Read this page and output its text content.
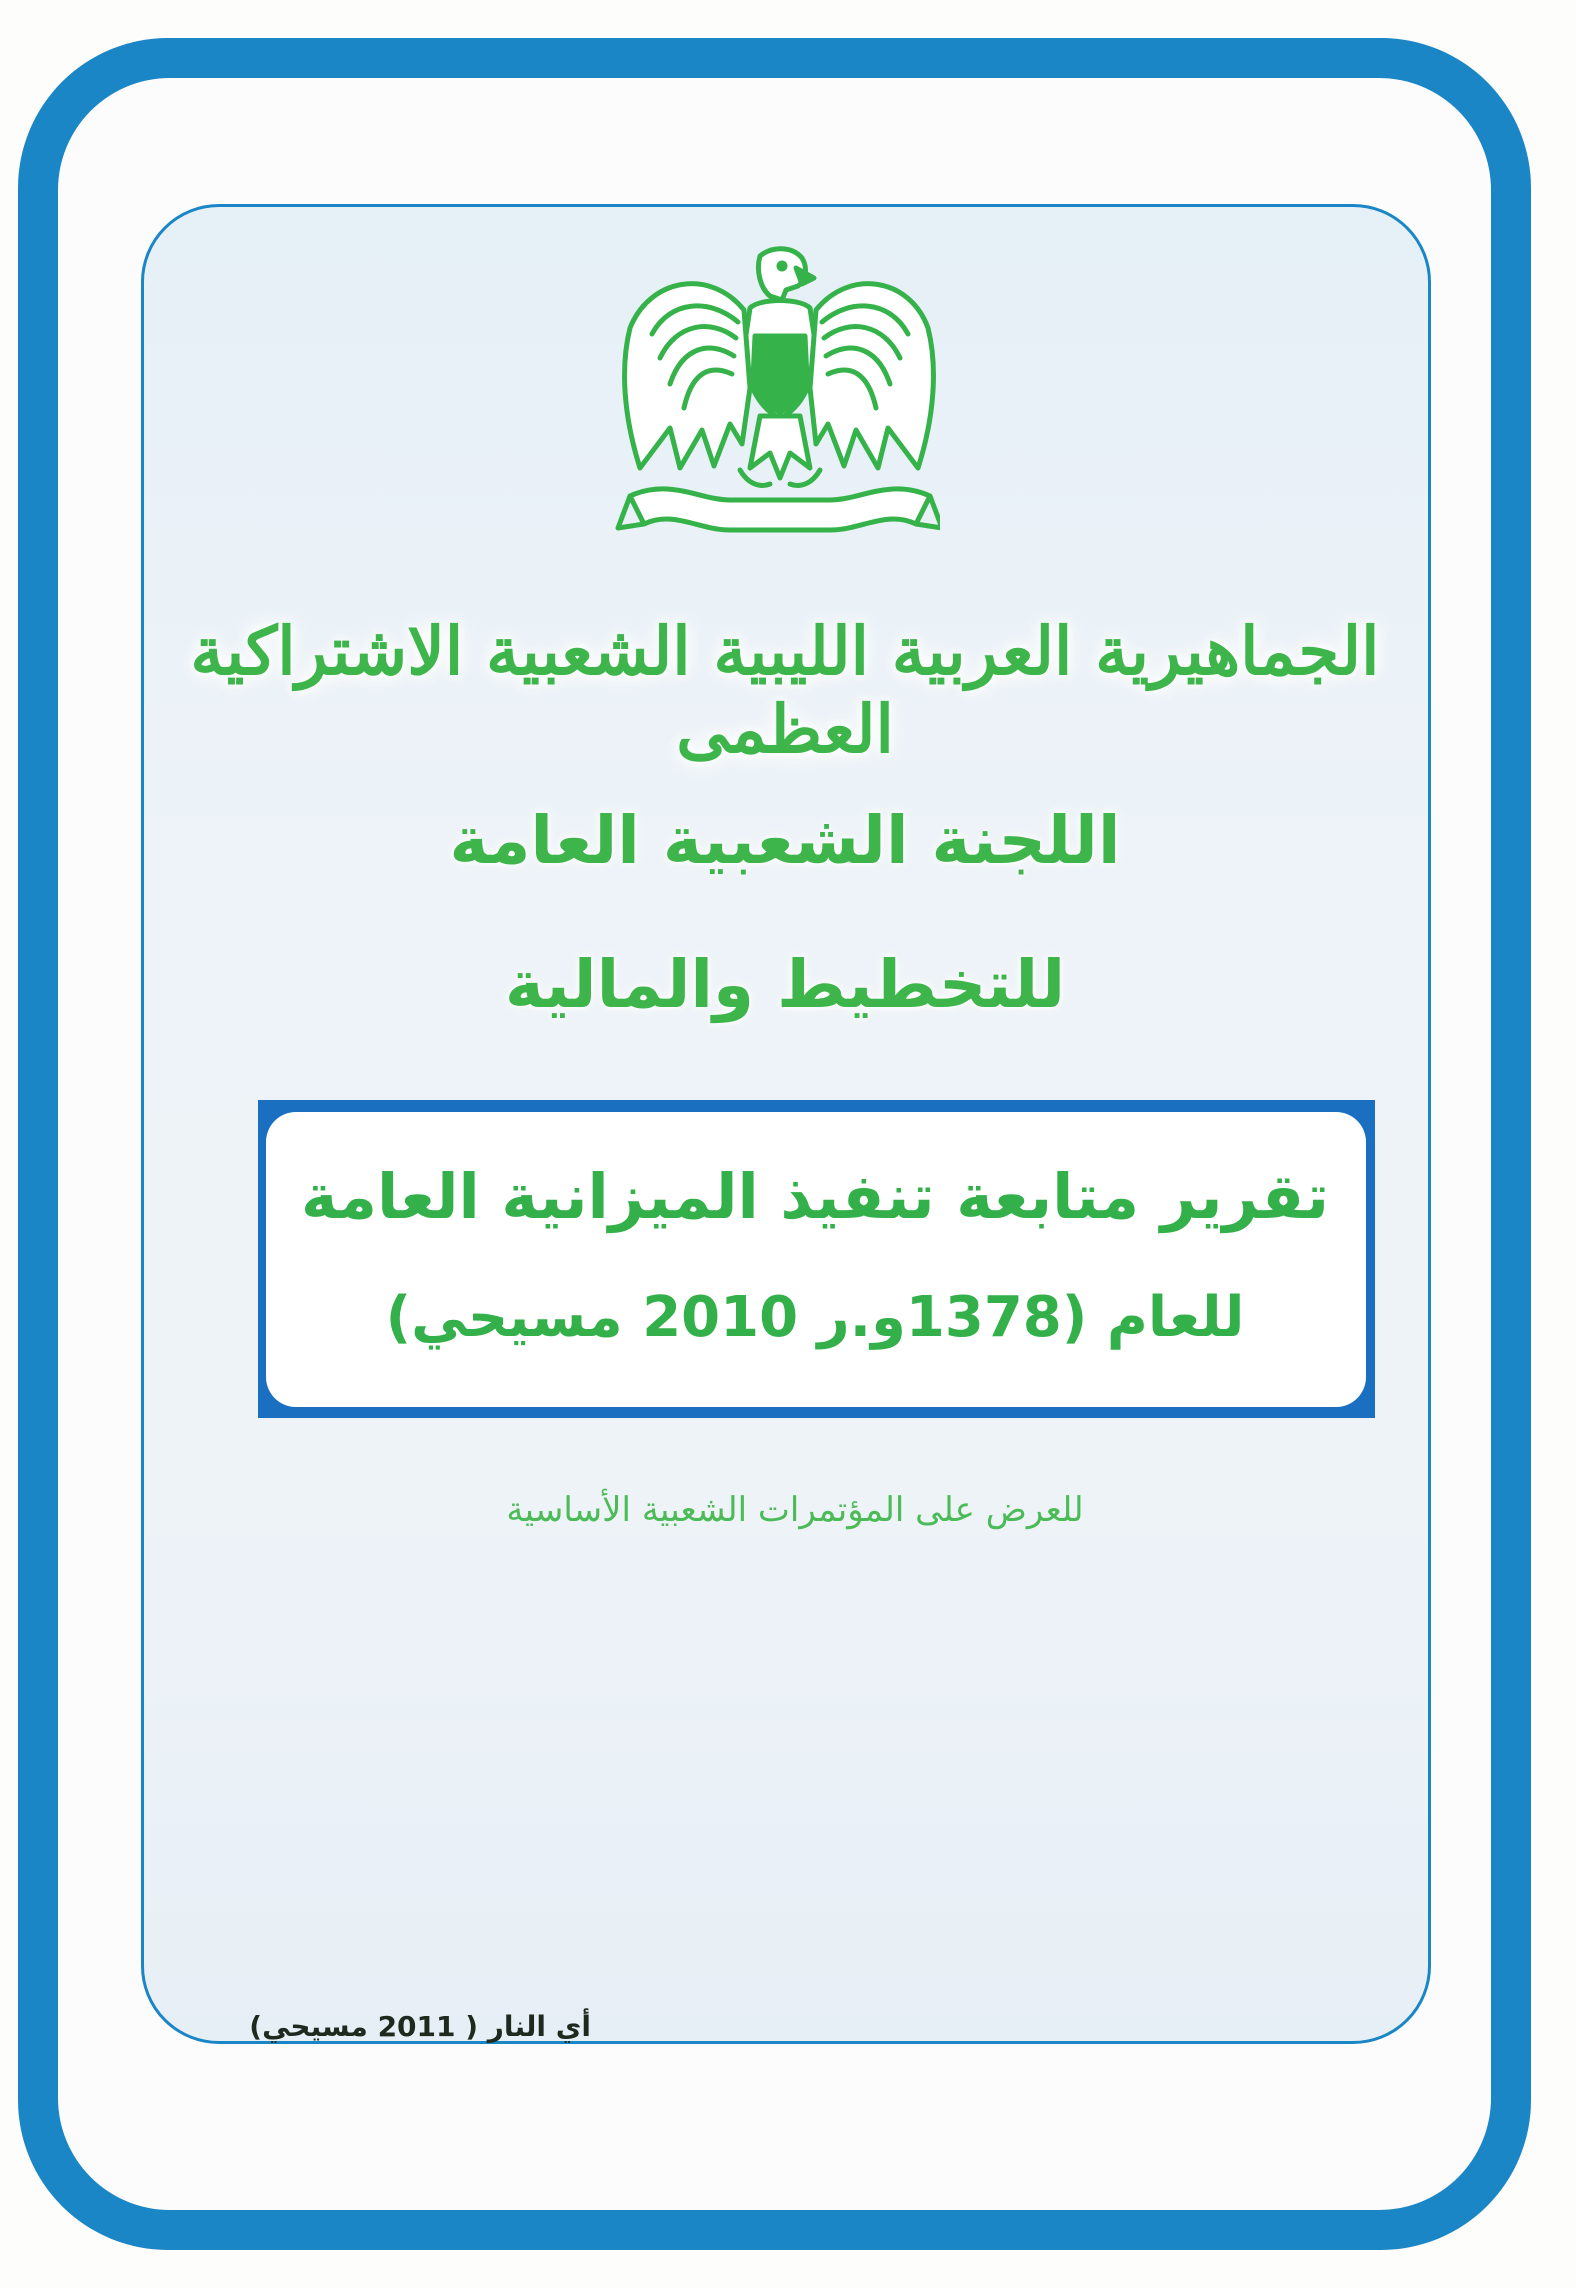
الجماهيرية العربية الليبية الشعبية الاشتراكية العظمى
اللجنة الشعبية العامة
للتخطيط والمالية
تقرير متابعة تنفيذ الميزانية العامة
للعام (1378و.ر 2010 مسيحي)
للعرض على المؤتمرات الشعبية الأساسية
أي النار ( 2011 مسيحي)
